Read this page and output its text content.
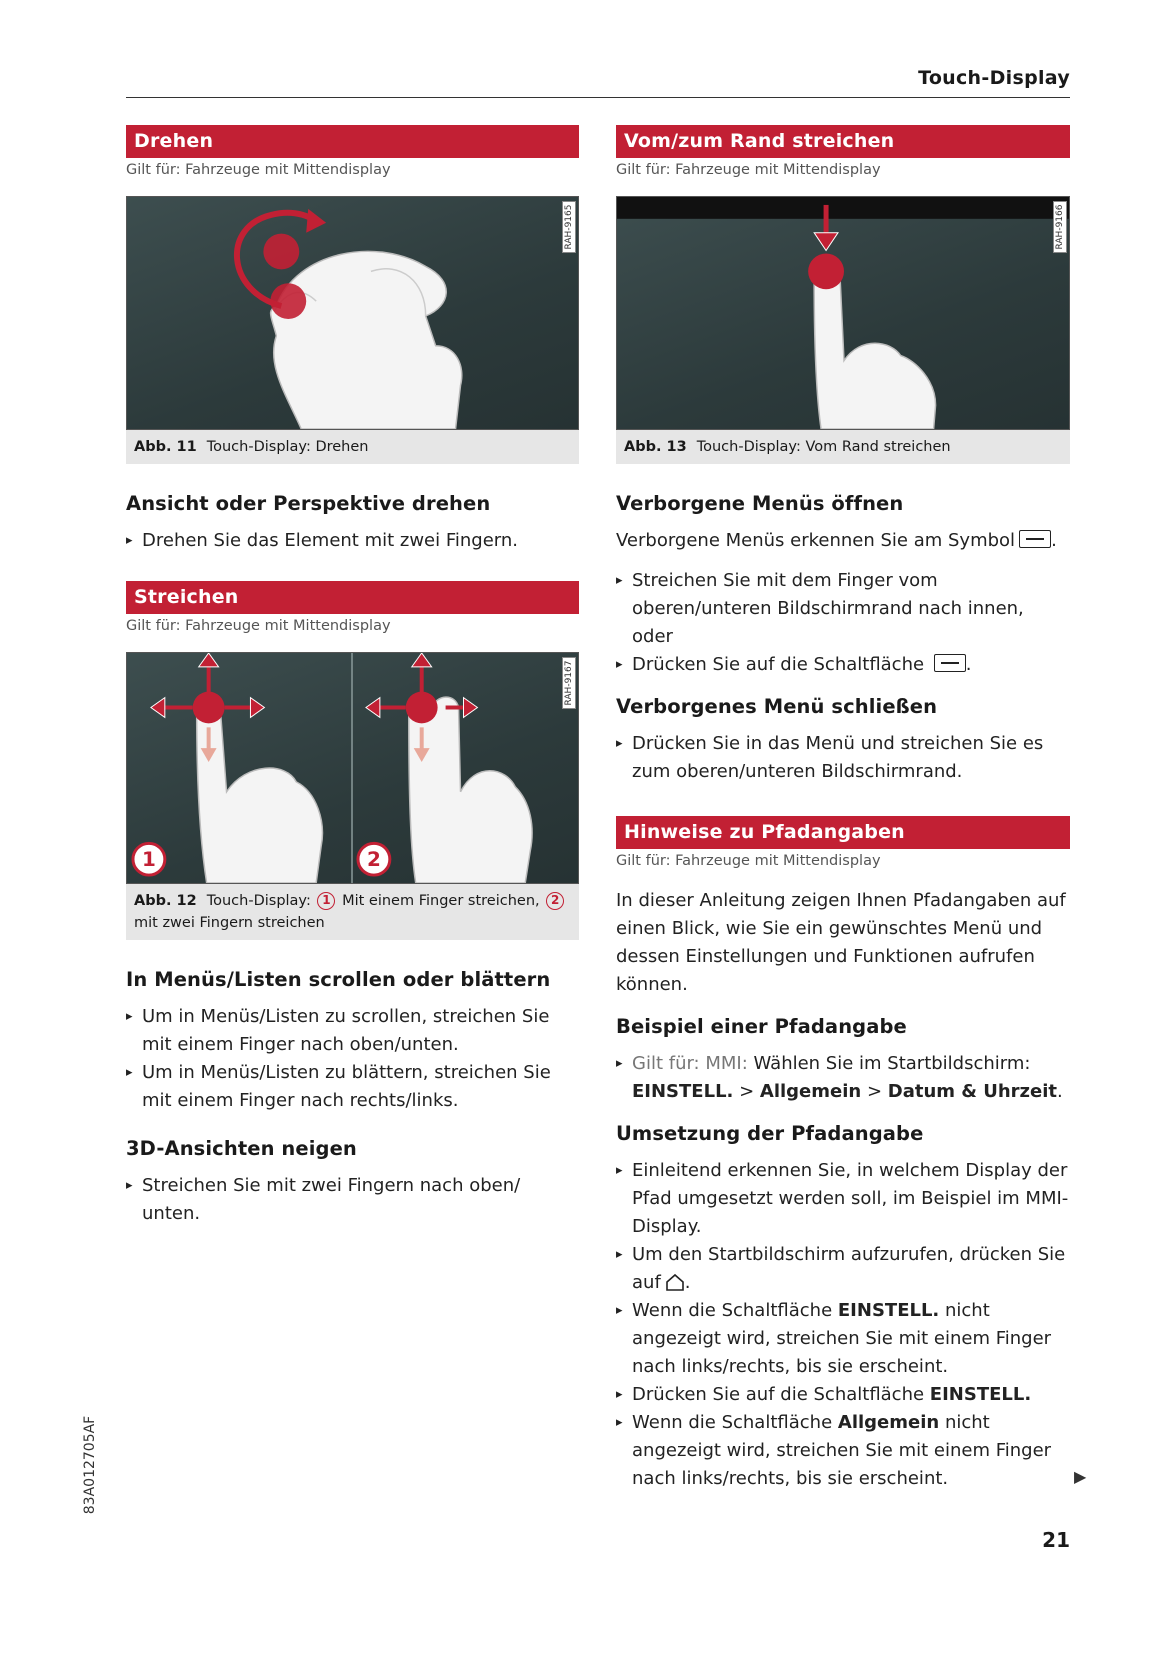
Touch-Display
Drehen
Gilt für: Fahrzeuge mit Mittendisplay
RAH-9165
Abb. 11 Touch-Display: Drehen
Ansicht oder Perspektive drehen
▸ Drehen Sie das Element mit zwei Fingern.
Streichen
Gilt für: Fahrzeuge mit Mittendisplay
1	2
RAH-9167
Abb. 12 Touch-Display: 1 Mit einem Finger streichen, 2
mit zwei Fingern streichen
In Menüs/Listen scrollen oder blättern
▸ Um in Menüs/Listen zu scrollen, streichen Sie mit einem Finger nach oben/unten.
▸ Um in Menüs/Listen zu blättern, streichen Sie mit einem Finger nach rechts/links.
3D-Ansichten neigen
▸ Streichen Sie mit zwei Fingern nach oben/ unten.
Vom/zum Rand streichen
Gilt für: Fahrzeuge mit Mittendisplay
RAH-9166
Abb. 13 Touch-Display: Vom Rand streichen
Verborgene Menüs öffnen

Verborgene Menüs erkennen Sie am Symbol .

▸ Streichen Sie mit dem Finger vom oberen/unteren Bildschirmrand nach innen, oder
▸ Drücken Sie auf die Schaltfläche .
Verborgenes Menü schließen
▸ Drücken Sie in das Menü und streichen Sie es zum oberen/unteren Bildschirmrand.
Hinweise zu Pfadangaben
Gilt für: Fahrzeuge mit Mittendisplay

In dieser Anleitung zeigen Ihnen Pfadangaben auf einen Blick, wie Sie ein gewünschtes Menü und dessen Einstellungen und Funktionen aufrufen können.

Beispiel einer Pfadangabe
▸ Gilt für: MMI: Wählen Sie im Startbildschirm: EINSTELL. > Allgemein > Datum & Uhrzeit.
Umsetzung der Pfadangabe
▸ Einleitend erkennen Sie, in welchem Display der Pfad umgesetzt werden soll, im Beispiel im MMI-Display.
▸ Um den Startbildschirm aufzurufen, drücken Sie auf .
▸ Wenn die Schaltfläche EINSTELL. nicht angezeigt wird, streichen Sie mit einem Finger nach links/rechts, bis sie erscheint.
▸ Drücken Sie auf die Schaltfläche EINSTELL.
▸ Wenn die Schaltfläche Allgemein nicht angezeigt wird, streichen Sie mit einem Finger nach links/rechts, bis sie erscheint.
83A012705AF	▶
21
